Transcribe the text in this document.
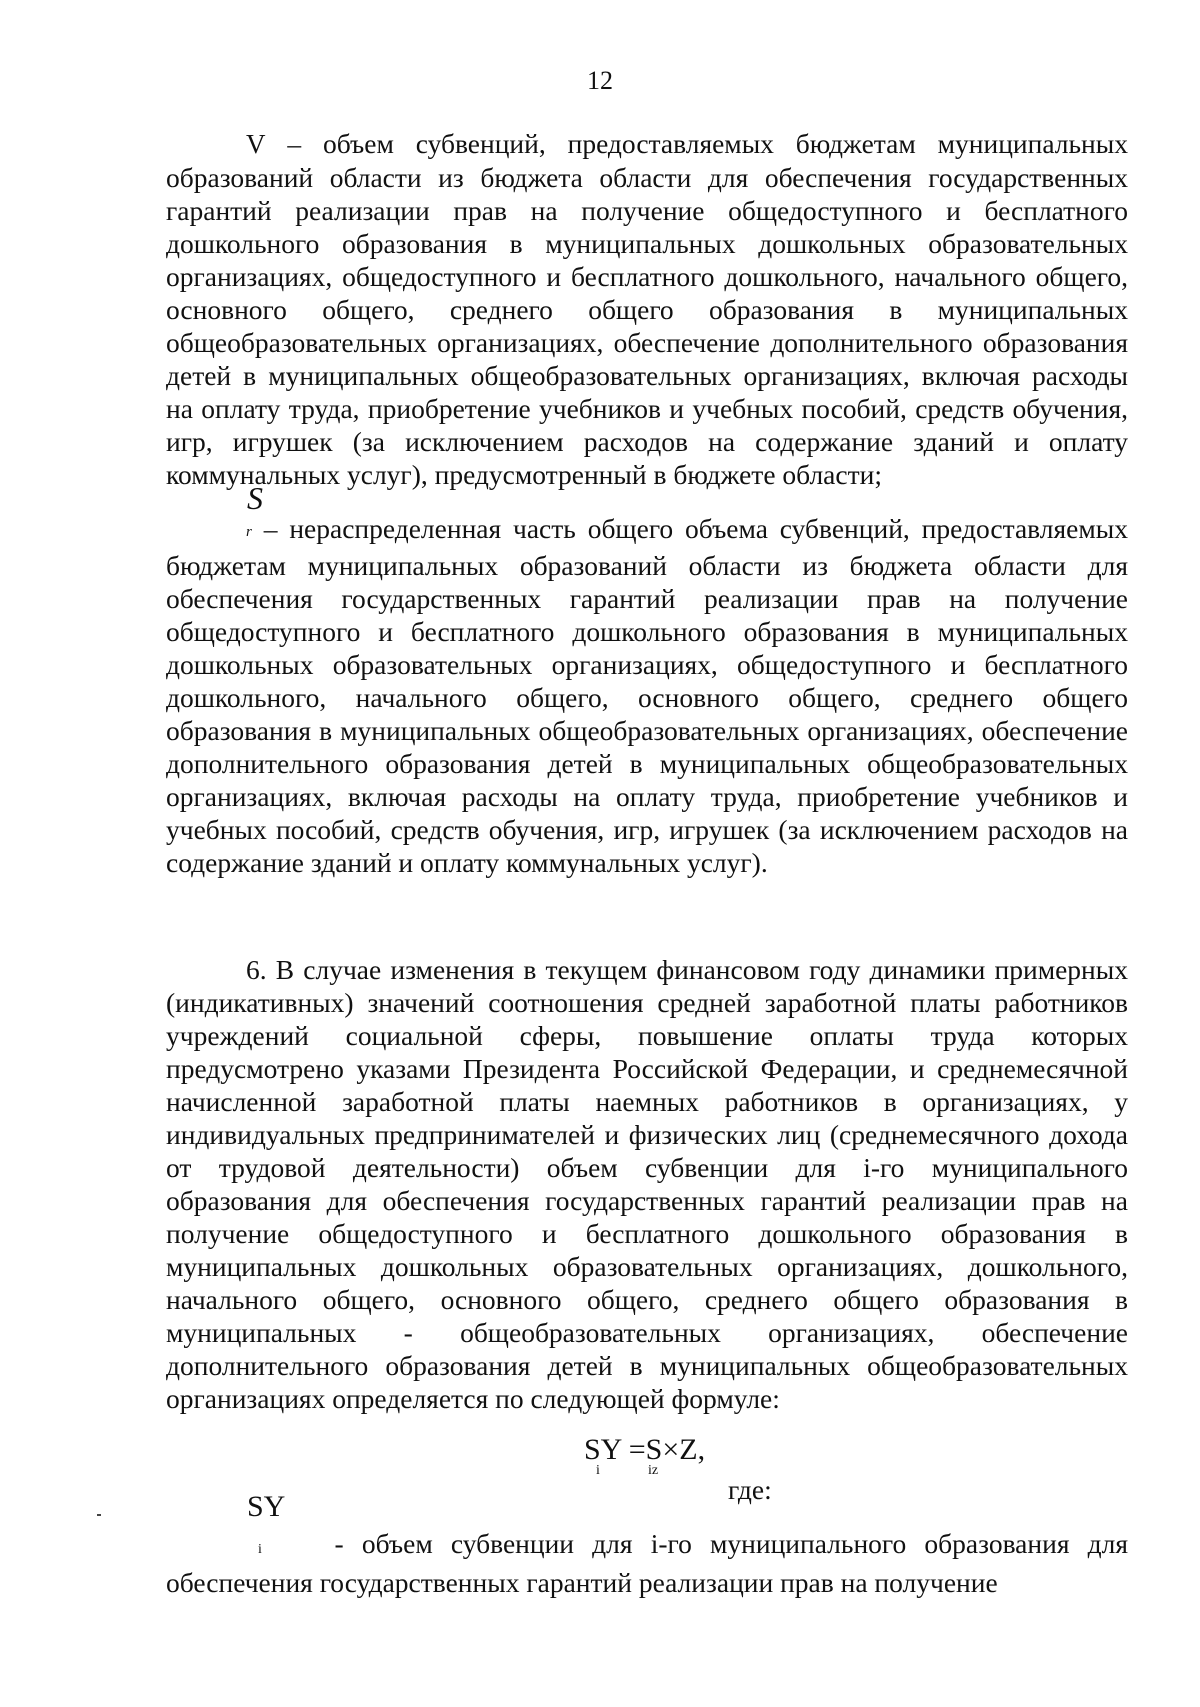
12

V – объем субвенций, предоставляемых бюджетам муниципальных образований области из бюджета области для обеспечения государственных гарантий реализации прав на получение общедоступного и бесплатного дошкольного образования в муниципальных дошкольных образовательных организациях, общедоступного и бесплатного дошкольного, начального общего, основного общего, среднего общего образования в муниципальных общеобразовательных организациях, обеспечение дополнительного образования детей в муниципальных общеобразовательных организациях, включая расходы на оплату труда, приобретение учебников и учебных пособий, средств обучения, игр, игрушек (за исключением расходов на содержание зданий и оплату коммунальных услуг), предусмотренный в бюджете области;

S

r – нераспределенная часть общего объема субвенций, предоставляемых бюджетам муниципальных образований области из бюджета области для обеспечения государственных гарантий реализации прав на получение общедоступного и бесплатного дошкольного образования в муниципальных дошкольных образовательных организациях, общедоступного и бесплатного дошкольного, начального общего, основного общего, среднего общего образования в муниципальных общеобразовательных организациях, обеспечение дополнительного образования детей в муниципальных общеобразовательных организациях, включая расходы на оплату труда, приобретение учебников и учебных пособий, средств обучения, игр, игрушек (за исключением расходов на содержание зданий и оплату коммунальных услуг).

6. В случае изменения в текущем финансовом году динамики примерных (индикативных) значений соотношения средней заработной платы работников учреждений социальной сферы, повышение оплаты труда которых предусмотрено указами Президента Российской Федерации, и среднемесячной начисленной заработной платы наемных работников в организациях, у индивидуальных предпринимателей и физических лиц (среднемесячного дохода от трудовой деятельности) объем субвенции для i-го муниципального образования для обеспечения государственных гарантий реализации прав на получение общедоступного и бесплатного дошкольного образования в муниципальных дошкольных образовательных организациях, дошкольного, начального общего, основного общего, среднего общего образования в муниципальных ‐ общеобразовательных организациях, обеспечение дополнительного образования детей в муниципальных общеобразовательных организациях определяется по следующей формуле:

SY =S×Z,
i	iz
где:
SY

i	- объем субвенции для i-го муниципального образования для обеспечения государственных гарантий реализации прав на получение
